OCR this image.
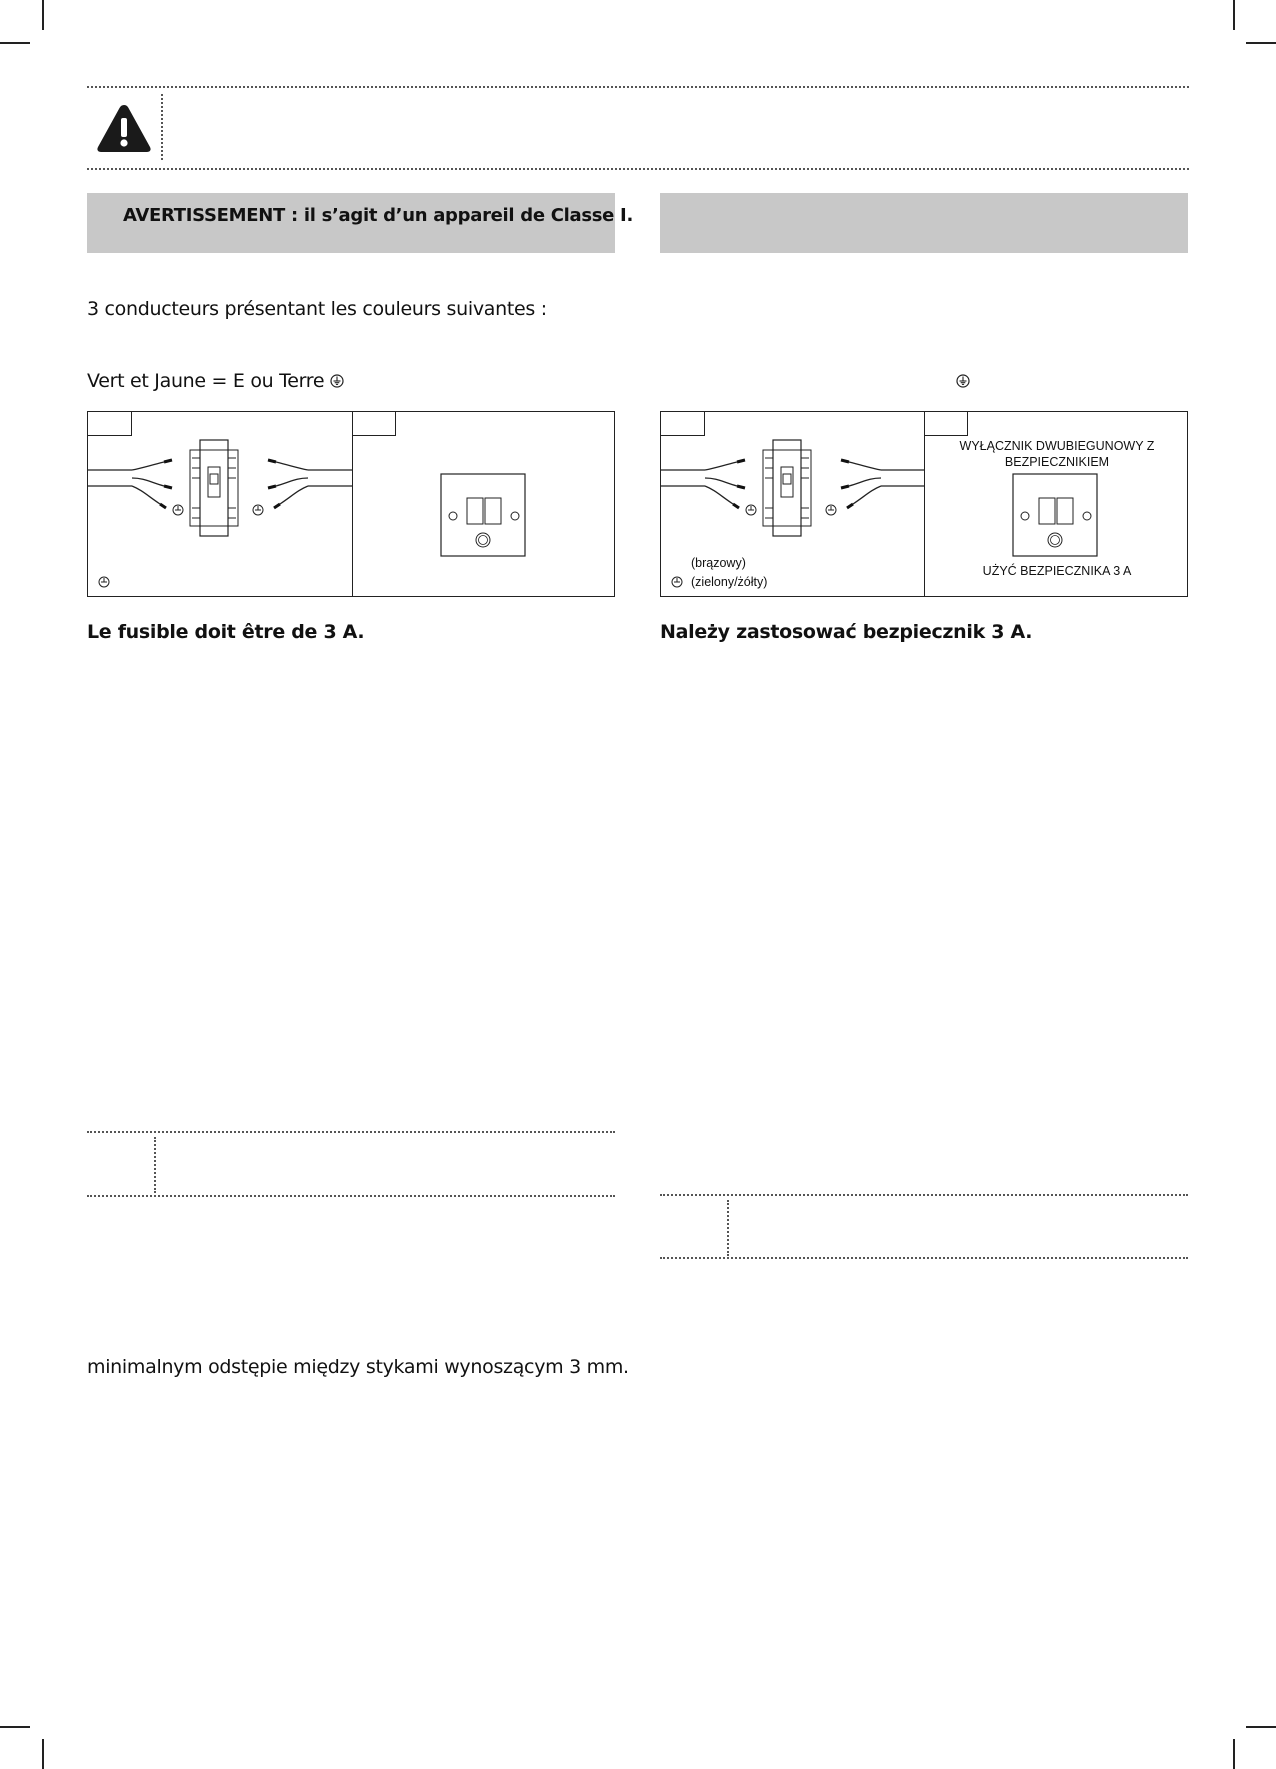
AVERTISSEMENT : il s’agit d’un appareil de Classe I.
3 conducteurs présentant les couleurs suivantes :
Vert et Jaune = E ou Terre
(brązowy)
(zielony/żółty)
WYŁĄCZNIK DWUBIEGUNOWY Z BEZPIECZNIKIEM
UŻYĆ BEZPIECZNIKA 3 A
Le fusible doit être de 3 A.	Należy zastosować bezpiecznik 3 A.
minimalnym odstępie między stykami wynoszącym 3 mm.
